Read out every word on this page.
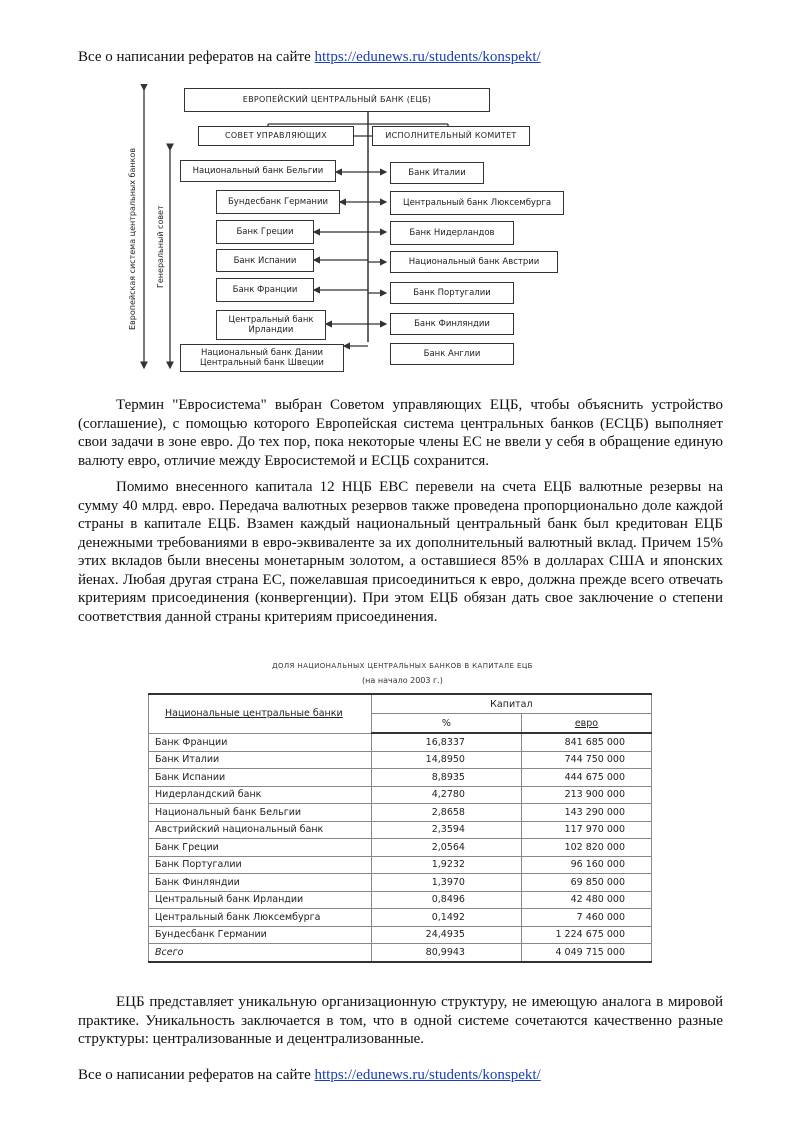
Все о написании рефератов на сайте https://edunews.ru/students/konspekt/
ЕВРОПЕЙСКИЙ ЦЕНТРАЛЬНЫЙ БАНК (ЕЦБ)
СОВЕТ УПРАВЛЯЮЩИХ	ИСПОЛНИТЕЛЬНЫЙ КОМИТЕТ
Национальный банк Бельгии
Бундесбанк Германии
Банк Греции
Банк Испании
Банк Франции
Центральный банк Ирландии
Национальный банк Дании Центральный банк Швеции
Банк Италии
Центральный банк Люксембурга
Банк Нидерландов
Национальный банк Австрии
Банк Португалии
Банк Финляндии
Банк Англии
Европейская система центральных банков Генеральный совет

Термин "Евросистема" выбран Советом управляющих ЕЦБ, чтобы объяснить устройство (соглашение), с помощью которого Европейская система центральных банков (ЕСЦБ) выполняет свои задачи в зоне евро. До тех пор, пока некоторые члены ЕС не ввели у себя в обращение единую валюту евро, отличие между Евросистемой и ЕСЦБ сохранится.

Помимо внесенного капитала 12 НЦБ ЕВС перевели на счета ЕЦБ валютные резервы на сумму 40 млрд. евро. Передача валютных резервов также проведена пропорционально доле каждой страны в капитале ЕЦБ. Взамен каждый национальный центральный банк был кредитован ЕЦБ денежными требованиями в евро-эквиваленте за их дополнительный валютный вклад. Причем 15% этих вкладов были внесены монетарным золотом, а оставшиеся 85% в долларах США и японских йенах. Любая другая страна ЕС, пожелавшая присоединиться к евро, должна прежде всего отвечать критериям присоединения (конвергенции). При этом ЕЦБ обязан дать свое заключение о степени соответствия данной страны критериям присоединения.

ДОЛЯ НАЦИОНАЛЬНЫХ ЦЕНТРАЛЬНЫХ БАНКОВ В КАПИТАЛЕ ЕЦБ
(на начало 2003 г.)
Национальные центральные банки	Капитал	
	%	евро
Банк Франции	16,8337	841 685 000
Банк Италии	14,8950	744 750 000
Банк Испании	8,8935	444 675 000
Нидерландский банк	4,2780	213 900 000
Национальный банк Бельгии	2,8658	143 290 000
Австрийский национальный банк	2,3594	117 970 000
Банк Греции	2,0564	102 820 000
Банк Португалии	1,9232	96 160 000
Банк Финляндии	1,3970	69 850 000
Центральный банк Ирландии	0,8496	42 480 000
Центральный банк Люксембурга	0,1492	7 460 000
Бундесбанк Германии	24,4935	1 224 675 000
Всего	80,9943	4 049 715 000

ЕЦБ представляет уникальную организационную структуру, не имеющую аналога в мировой практике. Уникальность заключается в том, что в одной системе сочетаются качественно разные структуры: централизованные и децентрализованные.

Все о написании рефератов на сайте https://edunews.ru/students/konspekt/
